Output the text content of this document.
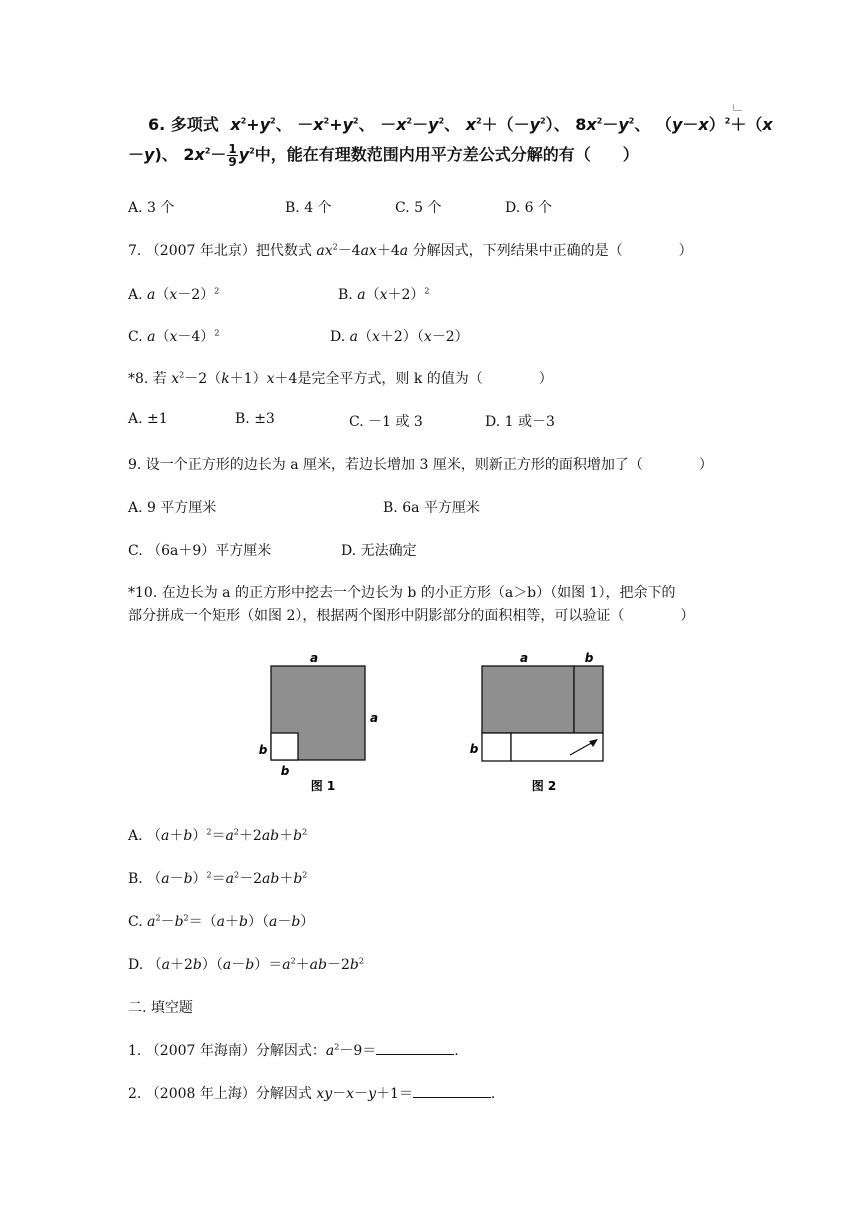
6. 多项式 $x^2+y^2$、 $-x^2+y^2$、 $-x^2-y^2$、 $x^2+(-y^2)$、 $8x^2-y^2$、 $(y-x)^2+(x$
－y)、 $2x^2- \frac{1}{9} y^2$中，能在有理数范围内用平方差公式分解的有（　　）
A. 3 个	B. 4 个	C. 5 个	D. 6 个
7. （2007 年北京）把代数式 $ax^2-4ax+4a$ 分解因式，下列结果中正确的是（　　　　）
A. $a(x-2)^2$	B. $a(x+2)^2$
C. $a(x-4)^2$	D. a（x＋2）（x－2）
*8. 若 $x^2-2(k+1)x+4$是完全平方式，则 k 的值为（　　　　）
A. ±1	B. ±3	C. －1 或 3	D. 1 或－3
9. 设一个正方形的边长为 a 厘米，若边长增加 3 厘米，则新正方形的面积增加了（　　　　）
A. 9 平方厘米	B. 6a 平方厘米
C. （6a＋9）平方厘米	D. 无法确定
*10. 在边长为 a 的正方形中挖去一个边长为 b 的小正方形（a＞b）（如图 1），把余下的
部分拼成一个矩形（如图 2），根据两个图形中阴影部分的面积相等，可以验证（　　　　）
a
a
b
b
图 1
a	b
b
图 2
A. $(a+b)^2=a^2+2ab+b^2$
B. $(a-b)^2=a^2-2ab+b^2$
C. $a^2-b^2=(a+b)(a-b)$
D. $(a+2b)(a-b)=a^2+ab-2b^2$
二. 填空题
1. （2007 年海南）分解因式：$a^2-9=$	.
2. （2008 年上海）分解因式 xy－x－y＋1＝	.
